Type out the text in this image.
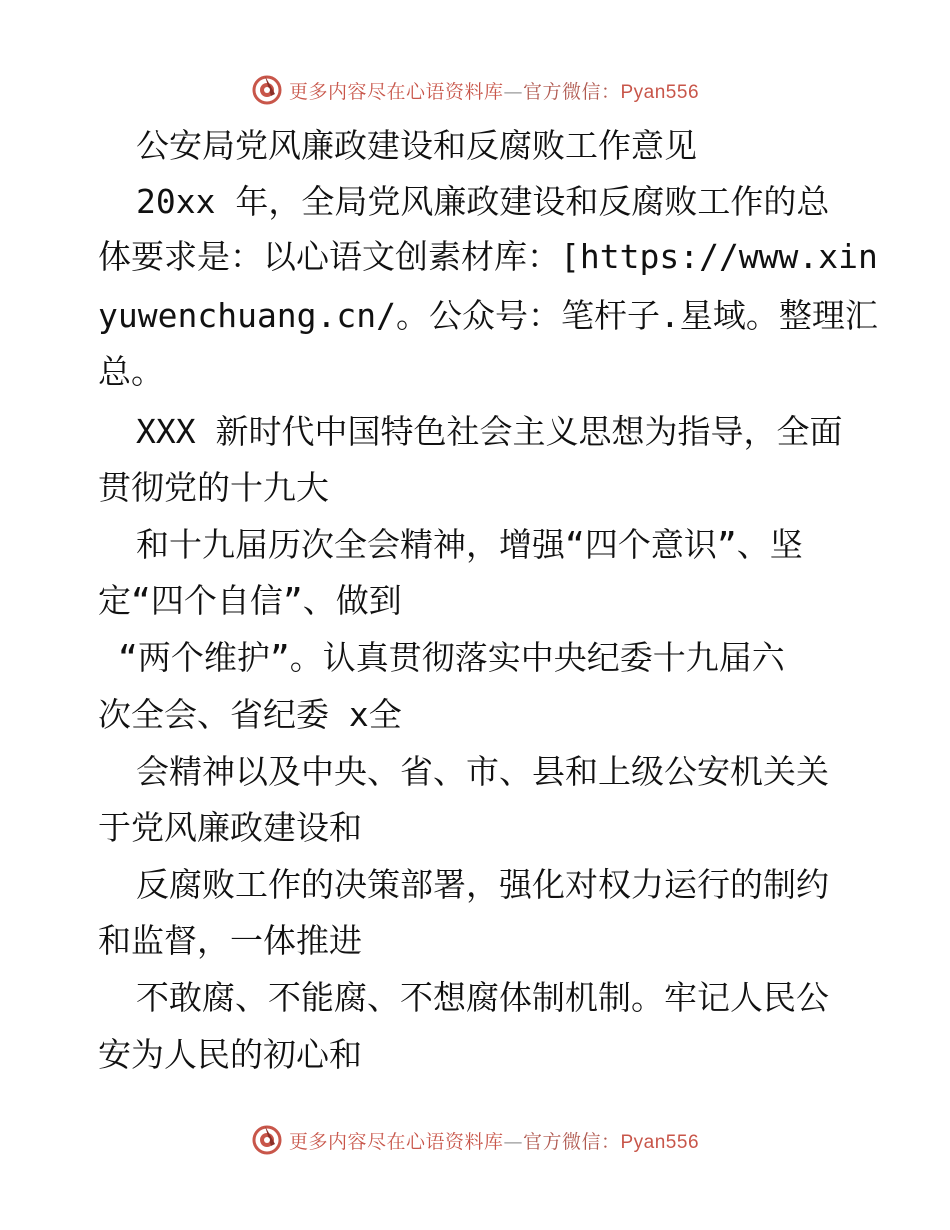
更多内容尽在心语资料库—官方微信：Pyan556
公安局党风廉政建设和反腐败工作意见
20xx 年，全局党风廉政建设和反腐败工作的总
体要求是：以心语文创素材库：[https://www.xin
yuwenchuang.cn/。公众号：笔杆子.星域。整理汇
总。
XXX 新时代中国特色社会主义思想为指导，全面
贯彻党的十九大
和十九届历次全会精神，增强“四个意识”、坚
定“四个自信”、做到
“两个维护”。认真贯彻落实中央纪委十九届六
次全会、省纪委 x全
会精神以及中央、省、市、县和上级公安机关关
于党风廉政建设和
反腐败工作的决策部署，强化对权力运行的制约
和监督，一体推进
不敢腐、不能腐、不想腐体制机制。牢记人民公
安为人民的初心和
更多内容尽在心语资料库—官方微信：Pyan556
